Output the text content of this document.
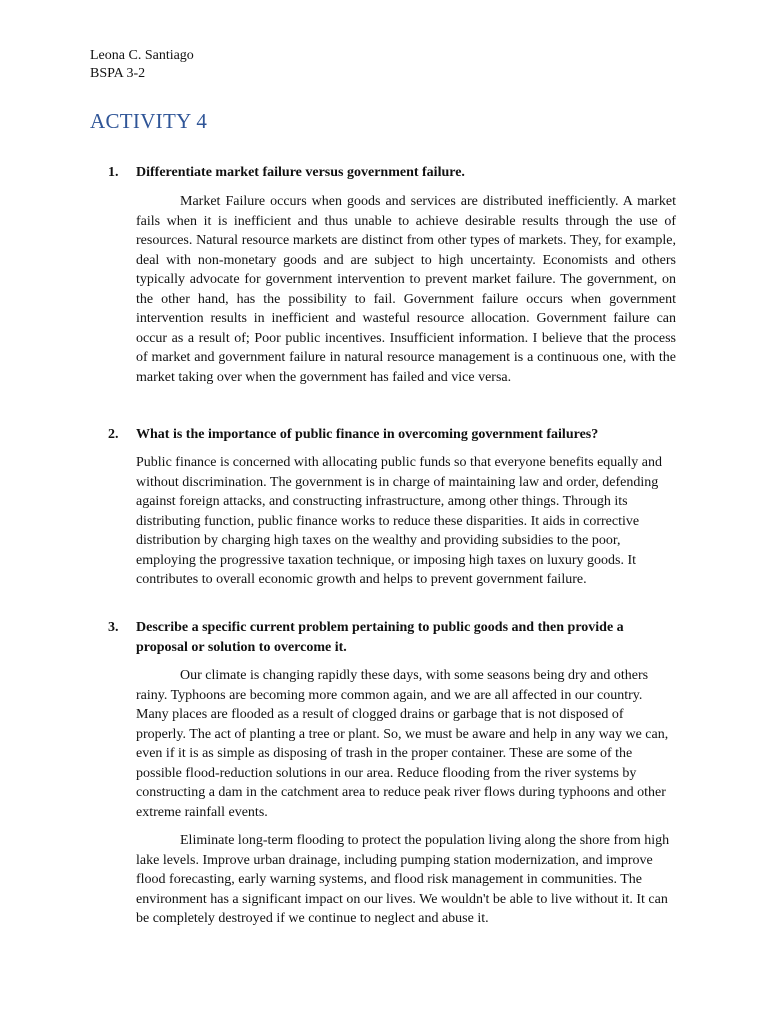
Leona C. Santiago
BSPA 3-2
ACTIVITY 4
1. Differentiate market failure versus government failure.

Market Failure occurs when goods and services are distributed inefficiently. A market fails when it is inefficient and thus unable to achieve desirable results through the use of resources. Natural resource markets are distinct from other types of markets. They, for example, deal with non-monetary goods and are subject to high uncertainty. Economists and others typically advocate for government intervention to prevent market failure. The government, on the other hand, has the possibility to fail. Government failure occurs when government intervention results in inefficient and wasteful resource allocation. Government failure can occur as a result of; Poor public incentives. Insufficient information. I believe that the process of market and government failure in natural resource management is a continuous one, with the market taking over when the government has failed and vice versa.

2. What is the importance of public finance in overcoming government failures?

Public finance is concerned with allocating public funds so that everyone benefits equally and without discrimination. The government is in charge of maintaining law and order, defending against foreign attacks, and constructing infrastructure, among other things. Through its distributing function, public finance works to reduce these disparities. It aids in corrective distribution by charging high taxes on the wealthy and providing subsidies to the poor, employing the progressive taxation technique, or imposing high taxes on luxury goods. It contributes to overall economic growth and helps to prevent government failure.

3. Describe a specific current problem pertaining to public goods and then provide a proposal or solution to overcome it.

Our climate is changing rapidly these days, with some seasons being dry and others rainy. Typhoons are becoming more common again, and we are all affected in our country. Many places are flooded as a result of clogged drains or garbage that is not disposed of properly. The act of planting a tree or plant. So, we must be aware and help in any way we can, even if it is as simple as disposing of trash in the proper container. These are some of the possible flood-reduction solutions in our area. Reduce flooding from the river systems by constructing a dam in the catchment area to reduce peak river flows during typhoons and other extreme rainfall events.

Eliminate long-term flooding to protect the population living along the shore from high lake levels. Improve urban drainage, including pumping station modernization, and improve flood forecasting, early warning systems, and flood risk management in communities. The environment has a significant impact on our lives. We wouldn't be able to live without it. It can be completely destroyed if we continue to neglect and abuse it.
